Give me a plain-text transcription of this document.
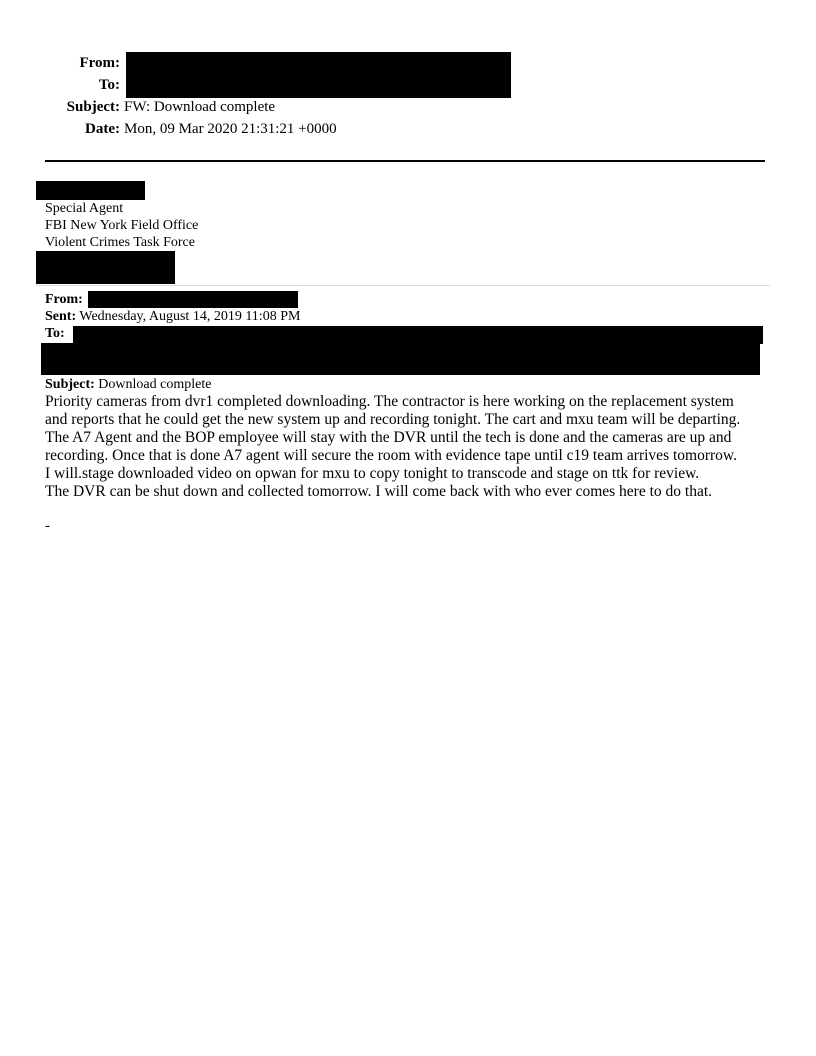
From:
To:
Subject: FW: Download complete
Date: Mon, 09 Mar 2020 21:31:21 +0000
Special Agent
FBI New York Field Office
Violent Crimes Task Force
From:
Sent: Wednesday, August 14, 2019 11:08 PM
To:
Subject: Download complete

Priority cameras from dvr1 completed downloading. The contractor is here working on the replacement system

and reports that he could get the new system up and recording tonight. The cart and mxu team will be departing.

The A7 Agent and the BOP employee will stay with the DVR until the tech is done and the cameras are up and

recording. Once that is done A7 agent will secure the room with evidence tape until c19 team arrives tomorrow.

I will.stage downloaded video on opwan for mxu to copy tonight to transcode and stage on ttk for review.

The DVR can be shut down and collected tomorrow. I will come back with who ever comes here to do that.

-
